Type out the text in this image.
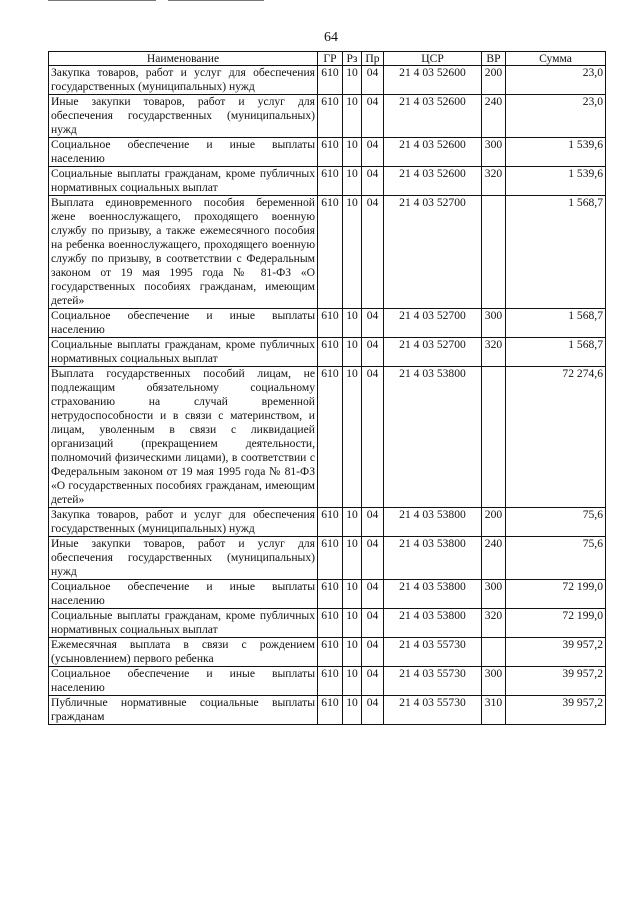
64
Наименование	ГР	Рз	Пр	ЦСР	ВР	Сумма
Закупка товаров, работ и услуг для обеспечения государственных (муниципальных) нужд	610	10	04	21 4 03 52600	200	23,0
Иные закупки товаров, работ и услуг для обеспечения государственных (муниципальных) нужд	610	10	04	21 4 03 52600	240	23,0
Социальное обеспечение и иные выплаты населению	610	10	04	21 4 03 52600	300	1 539,6
Социальные выплаты гражданам, кроме публичных нормативных социальных выплат	610	10	04	21 4 03 52600	320	1 539,6
Выплата единовременного пособия беременной жене военнослужащего, проходящего военную службу по призыву, а также ежемесячного пособия на ребенка военнослужащего, проходящего военную службу по призыву, в соответствии с Федеральным законом от 19 мая 1995 года № 81-ФЗ «О государственных пособиях гражданам, имеющим детей»	610	10	04	21 4 03 52700		1 568,7
Социальное обеспечение и иные выплаты населению	610	10	04	21 4 03 52700	300	1 568,7
Социальные выплаты гражданам, кроме публичных нормативных социальных выплат	610	10	04	21 4 03 52700	320	1 568,7
Выплата государственных пособий лицам, не подлежащим обязательному социальному страхованию на случай временной нетрудоспособности и в связи с материнством, и лицам, уволенным в связи с ликвидацией организаций (прекращением деятельности, полномочий физическими лицами), в соответствии с Федеральным законом от 19 мая 1995 года № 81-ФЗ «О государственных пособиях гражданам, имеющим детей»	610	10	04	21 4 03 53800		72 274,6
Закупка товаров, работ и услуг для обеспечения государственных (муниципальных) нужд	610	10	04	21 4 03 53800	200	75,6
Иные закупки товаров, работ и услуг для обеспечения государственных (муниципальных) нужд	610	10	04	21 4 03 53800	240	75,6
Социальное обеспечение и иные выплаты населению	610	10	04	21 4 03 53800	300	72 199,0
Социальные выплаты гражданам, кроме публичных нормативных социальных выплат	610	10	04	21 4 03 53800	320	72 199,0
Ежемесячная выплата в связи с рождением (усыновлением) первого ребенка	610	10	04	21 4 03 55730		39 957,2
Социальное обеспечение и иные выплаты населению	610	10	04	21 4 03 55730	300	39 957,2
Публичные нормативные социальные выплаты гражданам	610	10	04	21 4 03 55730	310	39 957,2
